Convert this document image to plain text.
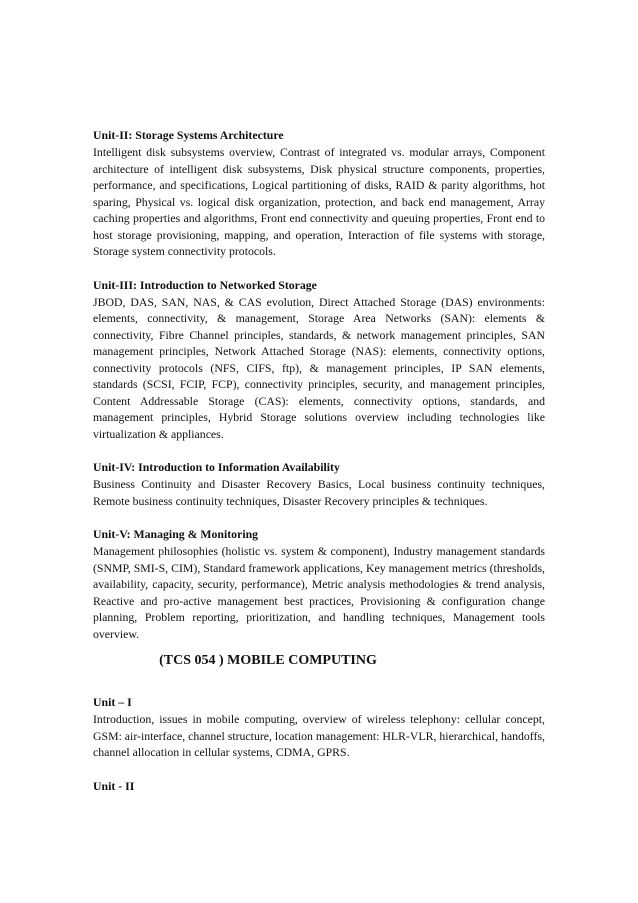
Unit-II: Storage Systems Architecture

Intelligent disk subsystems overview, Contrast of integrated vs. modular arrays, Component architecture of intelligent disk subsystems, Disk physical structure components, properties, performance, and specifications, Logical partitioning of disks, RAID & parity algorithms, hot sparing, Physical vs. logical disk organization, protection, and back end management, Array caching properties and algorithms, Front end connectivity and queuing properties, Front end to host storage provisioning, mapping, and operation, Interaction of file systems with storage, Storage system connectivity protocols.

Unit-III: Introduction to Networked Storage

JBOD, DAS, SAN, NAS, & CAS evolution, Direct Attached Storage (DAS) environments: elements, connectivity, & management, Storage Area Networks (SAN): elements & connectivity, Fibre Channel principles, standards, & network management principles, SAN management principles, Network Attached Storage (NAS): elements, connectivity options, connectivity protocols (NFS, CIFS, ftp), & management principles, IP SAN elements, standards (SCSI, FCIP, FCP), connectivity principles, security, and management principles, Content Addressable Storage (CAS): elements, connectivity options, standards, and management principles, Hybrid Storage solutions overview including technologies like virtualization & appliances.

Unit-IV: Introduction to Information Availability

Business Continuity and Disaster Recovery Basics, Local business continuity techniques, Remote business continuity techniques, Disaster Recovery principles & techniques.

Unit-V: Managing & Monitoring

Management philosophies (holistic vs. system & component), Industry management standards (SNMP, SMI-S, CIM), Standard framework applications, Key management metrics (thresholds, availability, capacity, security, performance), Metric analysis methodologies & trend analysis, Reactive and pro-active management best practices, Provisioning & configuration change planning, Problem reporting, prioritization, and handling techniques, Management tools overview.

(TCS 054 ) MOBILE COMPUTING

Unit – I

Introduction, issues in mobile computing, overview of wireless telephony: cellular concept, GSM: air-interface, channel structure, location management: HLR-VLR, hierarchical, handoffs, channel allocation in cellular systems, CDMA, GPRS.

Unit - II
